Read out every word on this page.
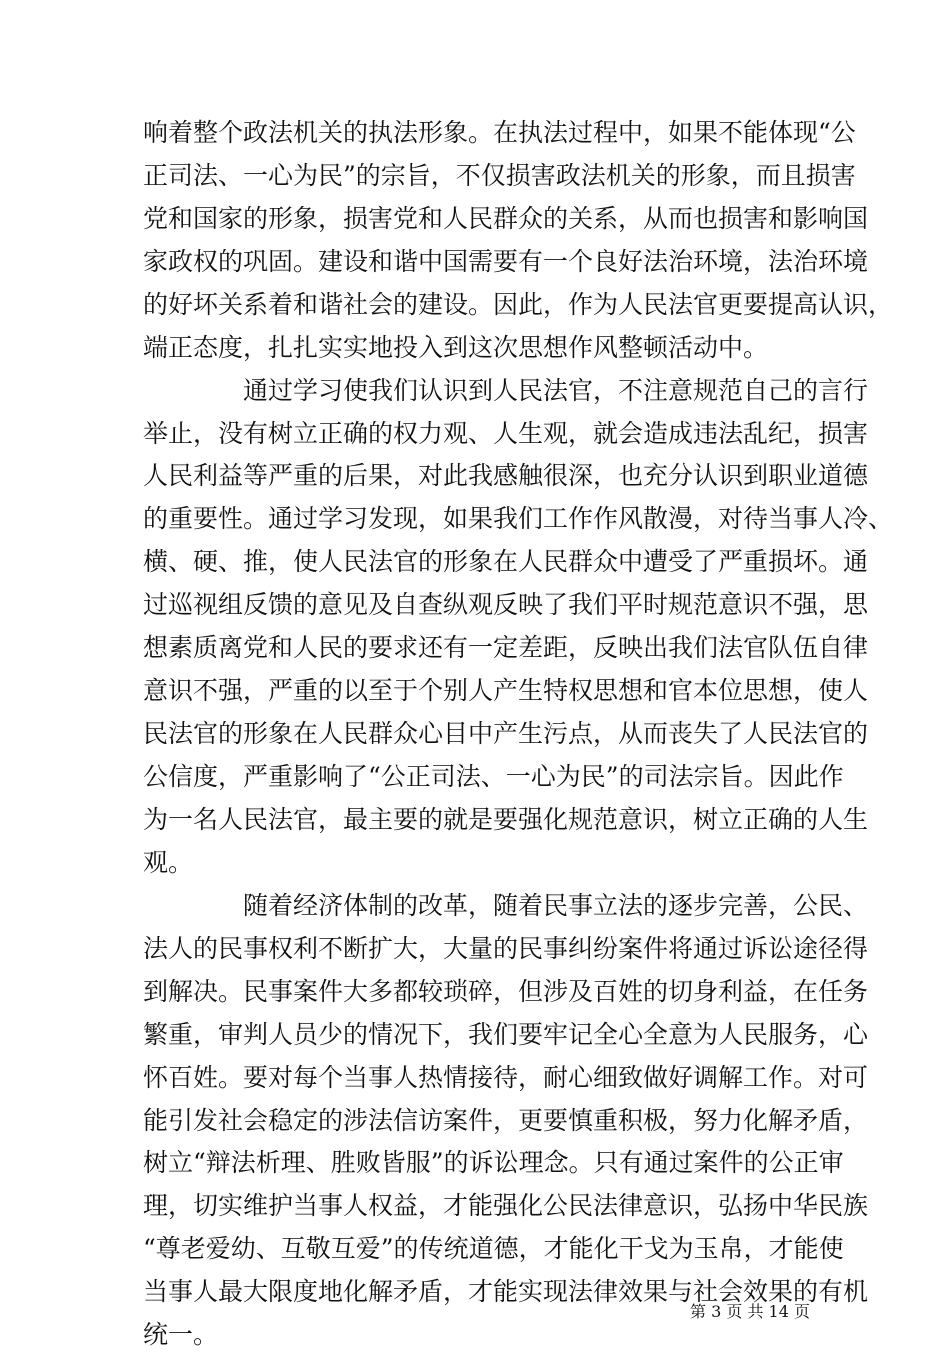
响着整个政法机关的执法形象。在执法过程中，如果不能体现“公
正司法、一心为民”的宗旨，不仅损害政法机关的形象，而且损害
党和国家的形象，损害党和人民群众的关系，从而也损害和影响国
家政权的巩固。建设和谐中国需要有一个良好法治环境，法治环境
的好坏关系着和谐社会的建设。因此，作为人民法官更要提高认识，
端正态度，扎扎实实地投入到这次思想作风整顿活动中。
通过学习使我们认识到人民法官，不注意规范自己的言行
举止，没有树立正确的权力观、人生观，就会造成违法乱纪，损害
人民利益等严重的后果，对此我感触很深，也充分认识到职业道德
的重要性。通过学习发现，如果我们工作作风散漫，对待当事人冷、
横、硬、推，使人民法官的形象在人民群众中遭受了严重损坏。通
过巡视组反馈的意见及自查纵观反映了我们平时规范意识不强，思
想素质离党和人民的要求还有一定差距，反映出我们法官队伍自律
意识不强，严重的以至于个别人产生特权思想和官本位思想，使人
民法官的形象在人民群众心目中产生污点，从而丧失了人民法官的
公信度，严重影响了“公正司法、一心为民”的司法宗旨。因此作
为一名人民法官，最主要的就是要强化规范意识，树立正确的人生
观。
随着经济体制的改革，随着民事立法的逐步完善，公民、
法人的民事权利不断扩大，大量的民事纠纷案件将通过诉讼途径得
到解决。民事案件大多都较琐碎，但涉及百姓的切身利益，在任务
繁重，审判人员少的情况下，我们要牢记全心全意为人民服务，心
怀百姓。要对每个当事人热情接待，耐心细致做好调解工作。对可
能引发社会稳定的涉法信访案件，更要慎重积极，努力化解矛盾，
树立“辩法析理、胜败皆服”的诉讼理念。只有通过案件的公正审
理，切实维护当事人权益，才能强化公民法律意识，弘扬中华民族
“尊老爱幼、互敬互爱”的传统道德，才能化干戈为玉帛，才能使
当事人最大限度地化解矛盾，才能实现法律效果与社会效果的有机
统一。
第 3 页 共 14 页
